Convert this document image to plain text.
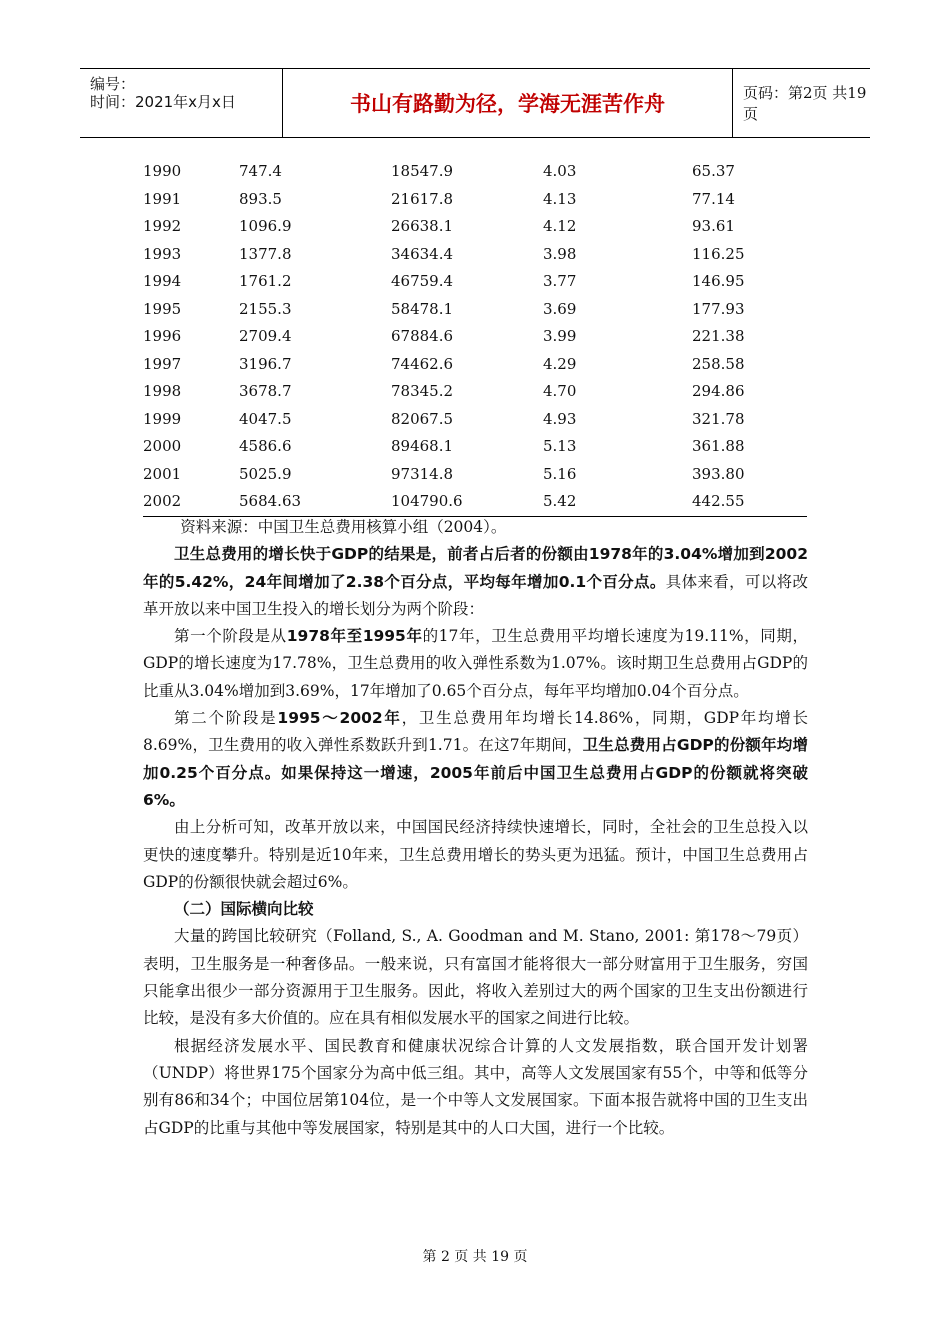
编号：
时间：2021年x月x日	书山有路勤为径，学海无涯苦作舟	页码：第2页 共19页
1990	747.4	18547.9	4.03	65.37
1991	893.5	21617.8	4.13	77.14
1992	1096.9	26638.1	4.12	93.61
1993	1377.8	34634.4	3.98	116.25
1994	1761.2	46759.4	3.77	146.95
1995	2155.3	58478.1	3.69	177.93
1996	2709.4	67884.6	3.99	221.38
1997	3196.7	74462.6	4.29	258.58
1998	3678.7	78345.2	4.70	294.86
1999	4047.5	82067.5	4.93	321.78
2000	4586.6	89468.1	5.13	361.88
2001	5025.9	97314.8	5.16	393.80
2002	5684.63	104790.6	5.42	442.55

资料来源：中国卫生总费用核算小组（2004）。

卫生总费用的增长快于GDP的结果是，前者占后者的份额由1978年的3.04%增加到2002年的5.42%，24年间增加了2.38个百分点，平均每年增加0.1个百分点。具体来看，可以将改革开放以来中国卫生投入的增长划分为两个阶段：

第一个阶段是从1978年至1995年的17年，卫生总费用平均增长速度为19.11%，同期，GDP的增长速度为17.78%，卫生总费用的收入弹性系数为1.07%。该时期卫生总费用占GDP的比重从3.04%增加到3.69%，17年增加了0.65个百分点，每年平均增加0.04个百分点。

第二个阶段是1995～2002年，卫生总费用年均增长14.86%，同期，GDP年均增长8.69%，卫生费用的收入弹性系数跃升到1.71。在这7年期间，卫生总费用占GDP的份额年均增加0.25个百分点。如果保持这一增速，2005年前后中国卫生总费用占GDP的份额就将突破6%。

由上分析可知，改革开放以来，中国国民经济持续快速增长，同时，全社会的卫生总投入以更快的速度攀升。特别是近10年来，卫生总费用增长的势头更为迅猛。预计，中国卫生总费用占GDP的份额很快就会超过6%。

（二）国际横向比较

大量的跨国比较研究（Folland, S., A. Goodman and M. Stano, 2001: 第178～79页）表明，卫生服务是一种奢侈品。一般来说，只有富国才能将很大一部分财富用于卫生服务，穷国只能拿出很少一部分资源用于卫生服务。因此，将收入差别过大的两个国家的卫生支出份额进行比较，是没有多大价值的。应在具有相似发展水平的国家之间进行比较。

根据经济发展水平、国民教育和健康状况综合计算的人文发展指数，联合国开发计划署（UNDP）将世界175个国家分为高中低三组。其中，高等人文发展国家有55个，中等和低等分别有86和34个；中国位居第104位，是一个中等人文发展国家。下面本报告就将中国的卫生支出占GDP的比重与其他中等发展国家，特别是其中的人口大国，进行一个比较。

第 2 页 共 19 页
